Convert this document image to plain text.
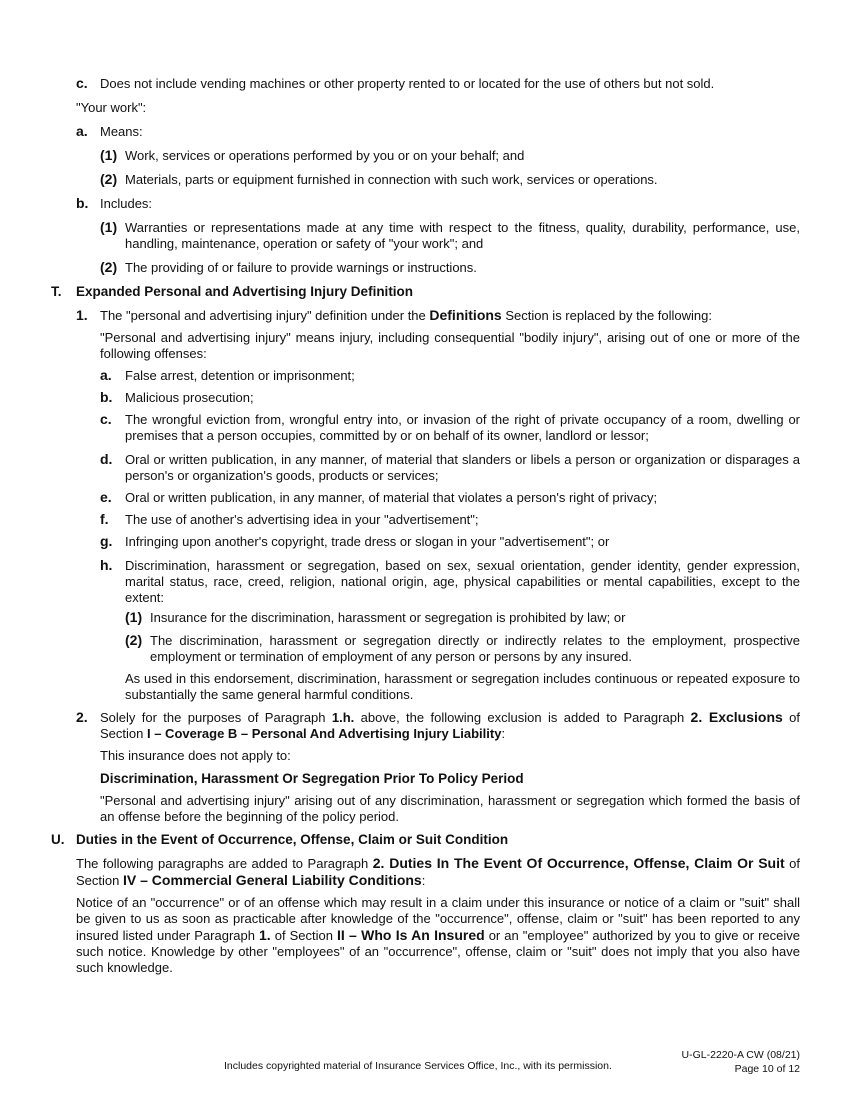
c. Does not include vending machines or other property rented to or located for the use of others but not sold.
"Your work":
a. Means:
(1) Work, services or operations performed by you or on your behalf; and
(2) Materials, parts or equipment furnished in connection with such work, services or operations.
b. Includes:
(1) Warranties or representations made at any time with respect to the fitness, quality, durability, performance, use, handling, maintenance, operation or safety of "your work"; and
(2) The providing of or failure to provide warnings or instructions.
T. Expanded Personal and Advertising Injury Definition
1. The "personal and advertising injury" definition under the Definitions Section is replaced by the following:
"Personal and advertising injury" means injury, including consequential "bodily injury", arising out of one or more of the following offenses:
a. False arrest, detention or imprisonment;
b. Malicious prosecution;
c. The wrongful eviction from, wrongful entry into, or invasion of the right of private occupancy of a room, dwelling or premises that a person occupies, committed by or on behalf of its owner, landlord or lessor;
d. Oral or written publication, in any manner, of material that slanders or libels a person or organization or disparages a person's or organization's goods, products or services;
e. Oral or written publication, in any manner, of material that violates a person's right of privacy;
f. The use of another's advertising idea in your "advertisement";
g. Infringing upon another's copyright, trade dress or slogan in your "advertisement"; or
h. Discrimination, harassment or segregation, based on sex, sexual orientation, gender identity, gender expression, marital status, race, creed, religion, national origin, age, physical capabilities or mental capabilities, except to the extent:
(1) Insurance for the discrimination, harassment or segregation is prohibited by law; or
(2) The discrimination, harassment or segregation directly or indirectly relates to the employment, prospective employment or termination of employment of any person or persons by any insured.
As used in this endorsement, discrimination, harassment or segregation includes continuous or repeated exposure to substantially the same general harmful conditions.
2. Solely for the purposes of Paragraph 1.h. above, the following exclusion is added to Paragraph 2. Exclusions of Section I – Coverage B – Personal And Advertising Injury Liability:
This insurance does not apply to:
Discrimination, Harassment Or Segregation Prior To Policy Period
"Personal and advertising injury" arising out of any discrimination, harassment or segregation which formed the basis of an offense before the beginning of the policy period.
U. Duties in the Event of Occurrence, Offense, Claim or Suit Condition
The following paragraphs are added to Paragraph 2. Duties In The Event Of Occurrence, Offense, Claim Or Suit of Section IV – Commercial General Liability Conditions:
Notice of an "occurrence" or of an offense which may result in a claim under this insurance or notice of a claim or "suit" shall be given to us as soon as practicable after knowledge of the "occurrence", offense, claim or "suit" has been reported to any insured listed under Paragraph 1. of Section II – Who Is An Insured or an "employee" authorized by you to give or receive such notice. Knowledge by other "employees" of an "occurrence", offense, claim or "suit" does not imply that you also have such knowledge.
Includes copyrighted material of Insurance Services Office, Inc., with its permission.
U-GL-2220-A CW (08/21)
Page 10 of 12
